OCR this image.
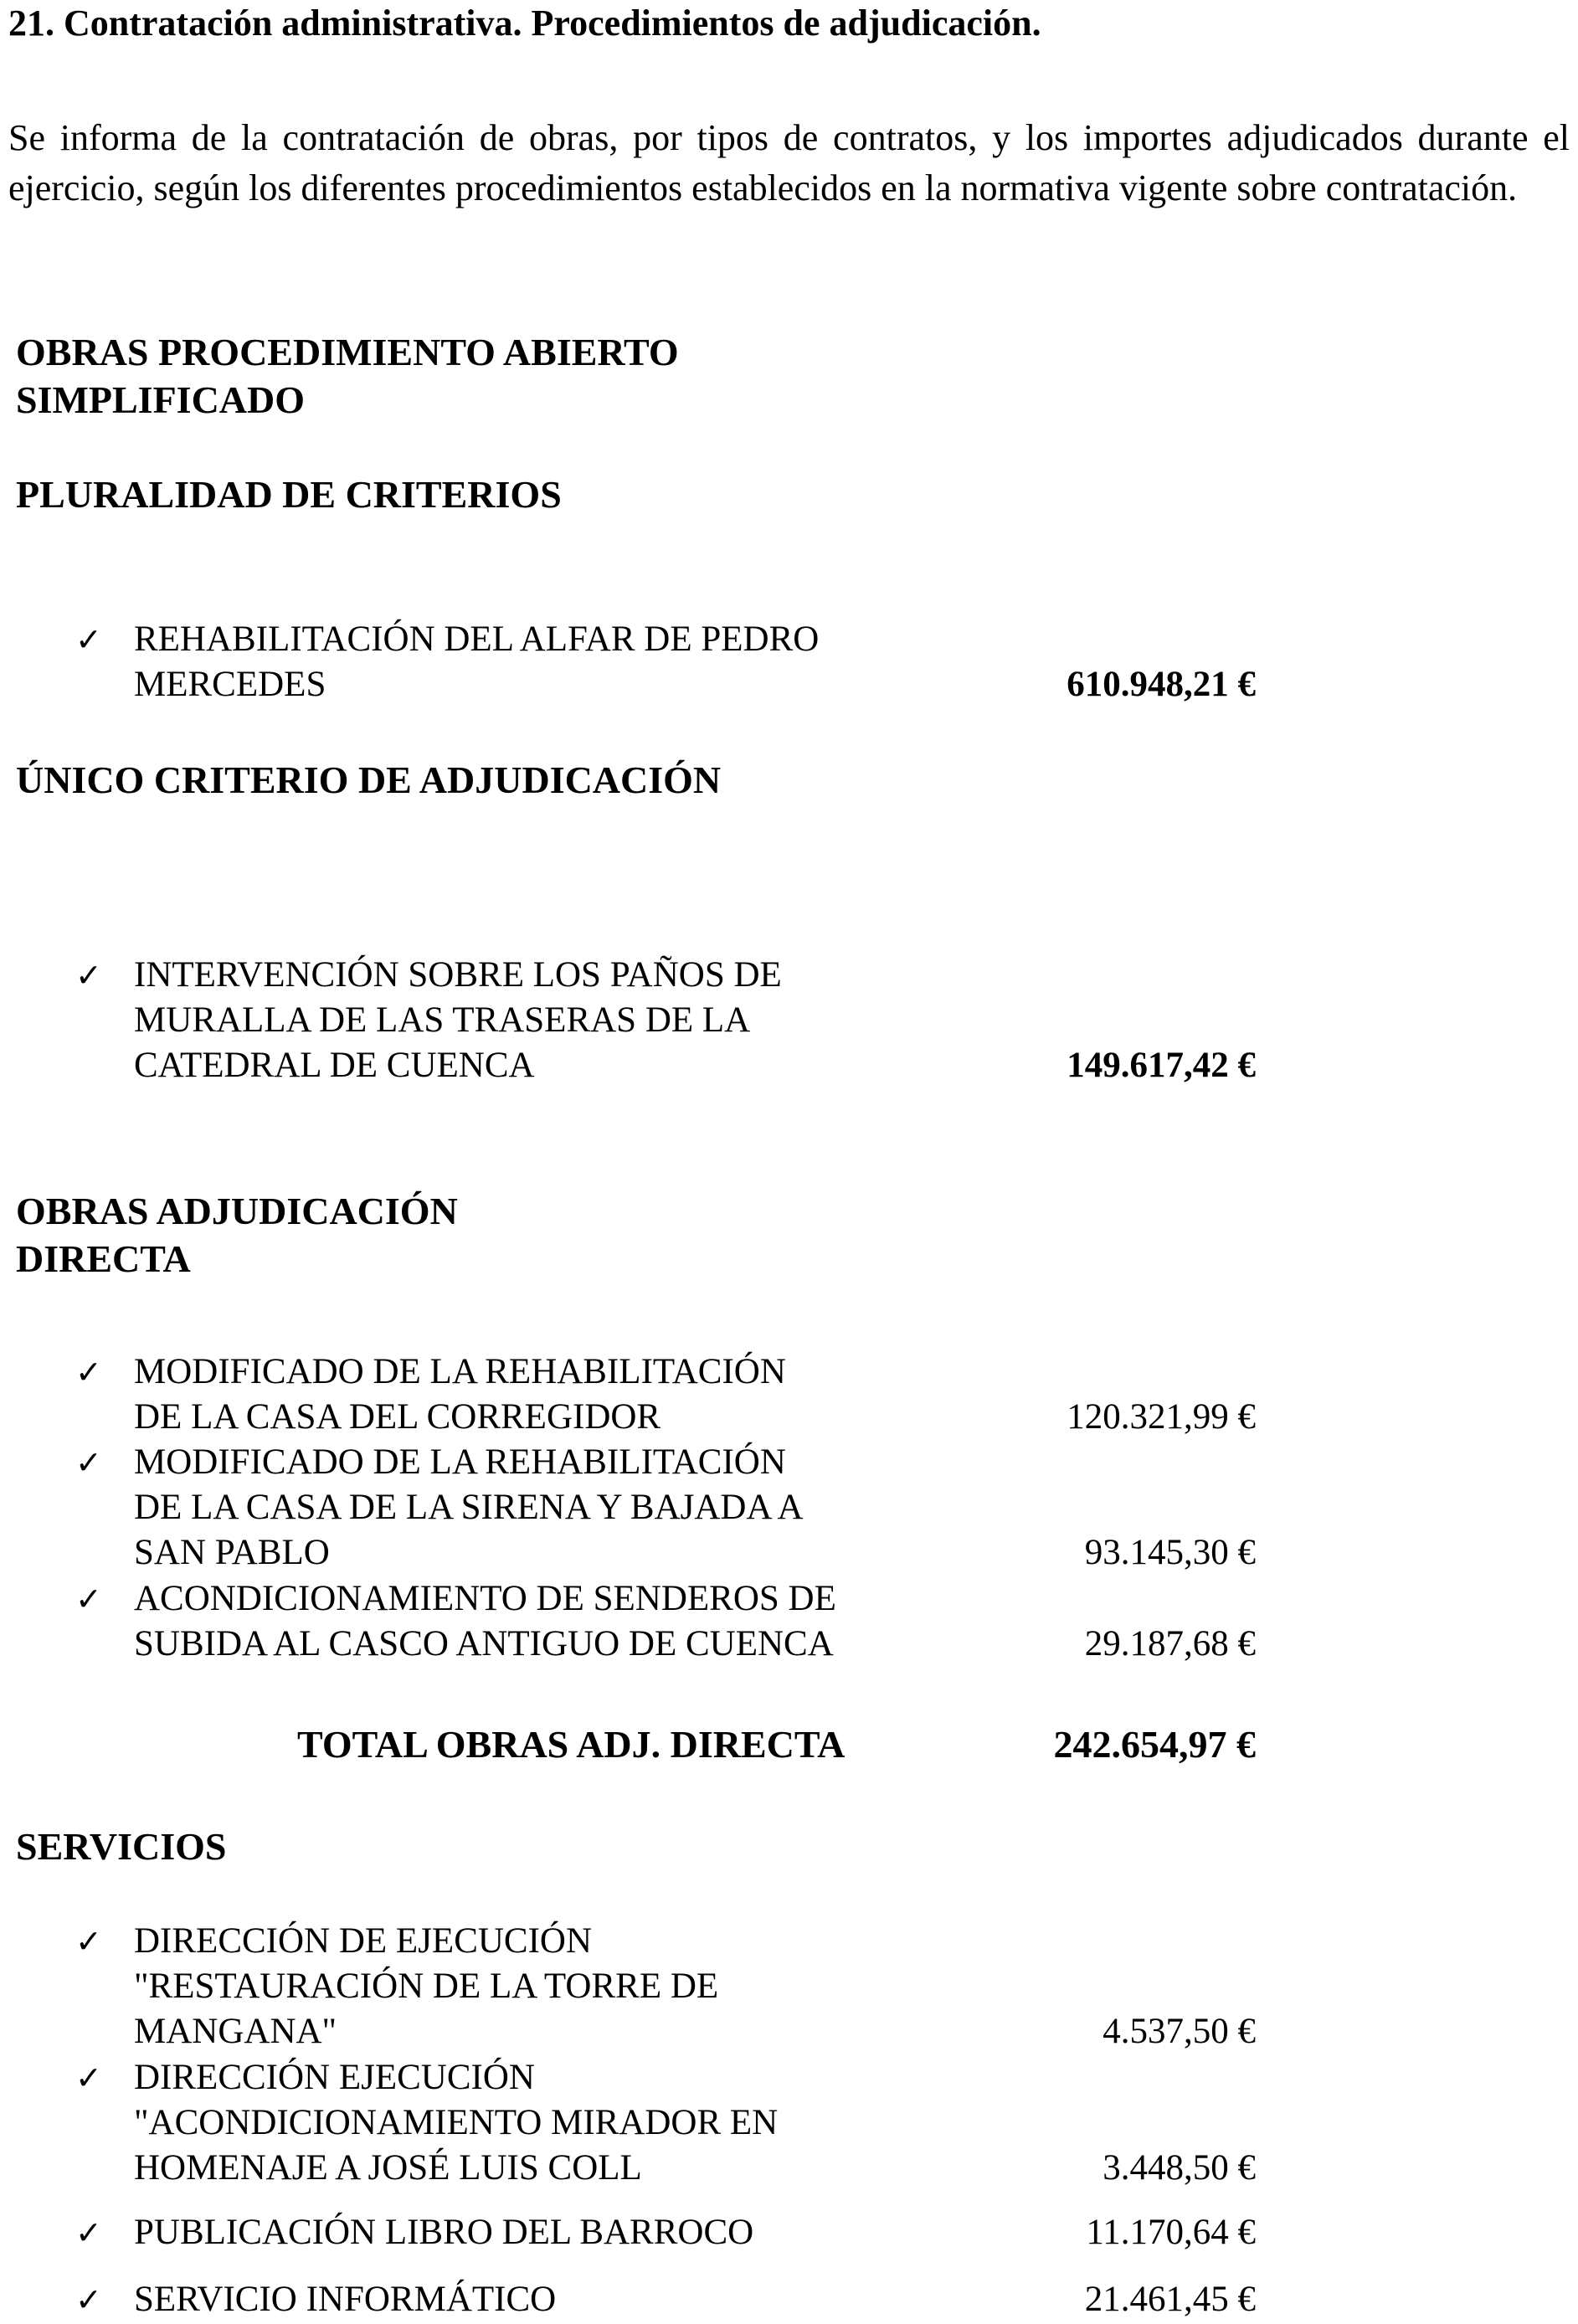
21. Contratación administrativa. Procedimientos de adjudicación.

Se informa de la contratación de obras, por tipos de contratos, y los importes adjudicados durante el ejercicio, según los diferentes procedimientos establecidos en la normativa vigente sobre contratación.

OBRAS PROCEDIMIENTO ABIERTO
SIMPLIFICADO
PLURALIDAD DE CRITERIOS
✓ REHABILITACIÓN DEL ALFAR DE PEDRO
MERCEDES	610.948,21 €
ÚNICO CRITERIO DE ADJUDICACIÓN
✓ INTERVENCIÓN SOBRE LOS PAÑOS DE
MURALLA DE LAS TRASERAS DE LA
CATEDRAL DE CUENCA	149.617,42 €
OBRAS ADJUDICACIÓN
DIRECTA
✓ MODIFICADO DE LA REHABILITACIÓN
DE LA CASA DEL CORREGIDOR	120.321,99 €
✓ MODIFICADO DE LA REHABILITACIÓN
DE LA CASA DE LA SIRENA Y BAJADA A
SAN PABLO	93.145,30 €
✓ ACONDICIONAMIENTO DE SENDEROS DE
SUBIDA AL CASCO ANTIGUO DE CUENCA	29.187,68 €
TOTAL OBRAS ADJ. DIRECTA	242.654,97 €
SERVICIOS
✓ DIRECCIÓN DE EJECUCIÓN
"RESTAURACIÓN DE LA TORRE DE
MANGANA"	4.537,50 €
✓ DIRECCIÓN EJECUCIÓN
"ACONDICIONAMIENTO MIRADOR EN
HOMENAJE A JOSÉ LUIS COLL	3.448,50 €
✓ PUBLICACIÓN LIBRO DEL BARROCO	11.170,64 €
✓ SERVICIO INFORMÁTICO	21.461,45 €
